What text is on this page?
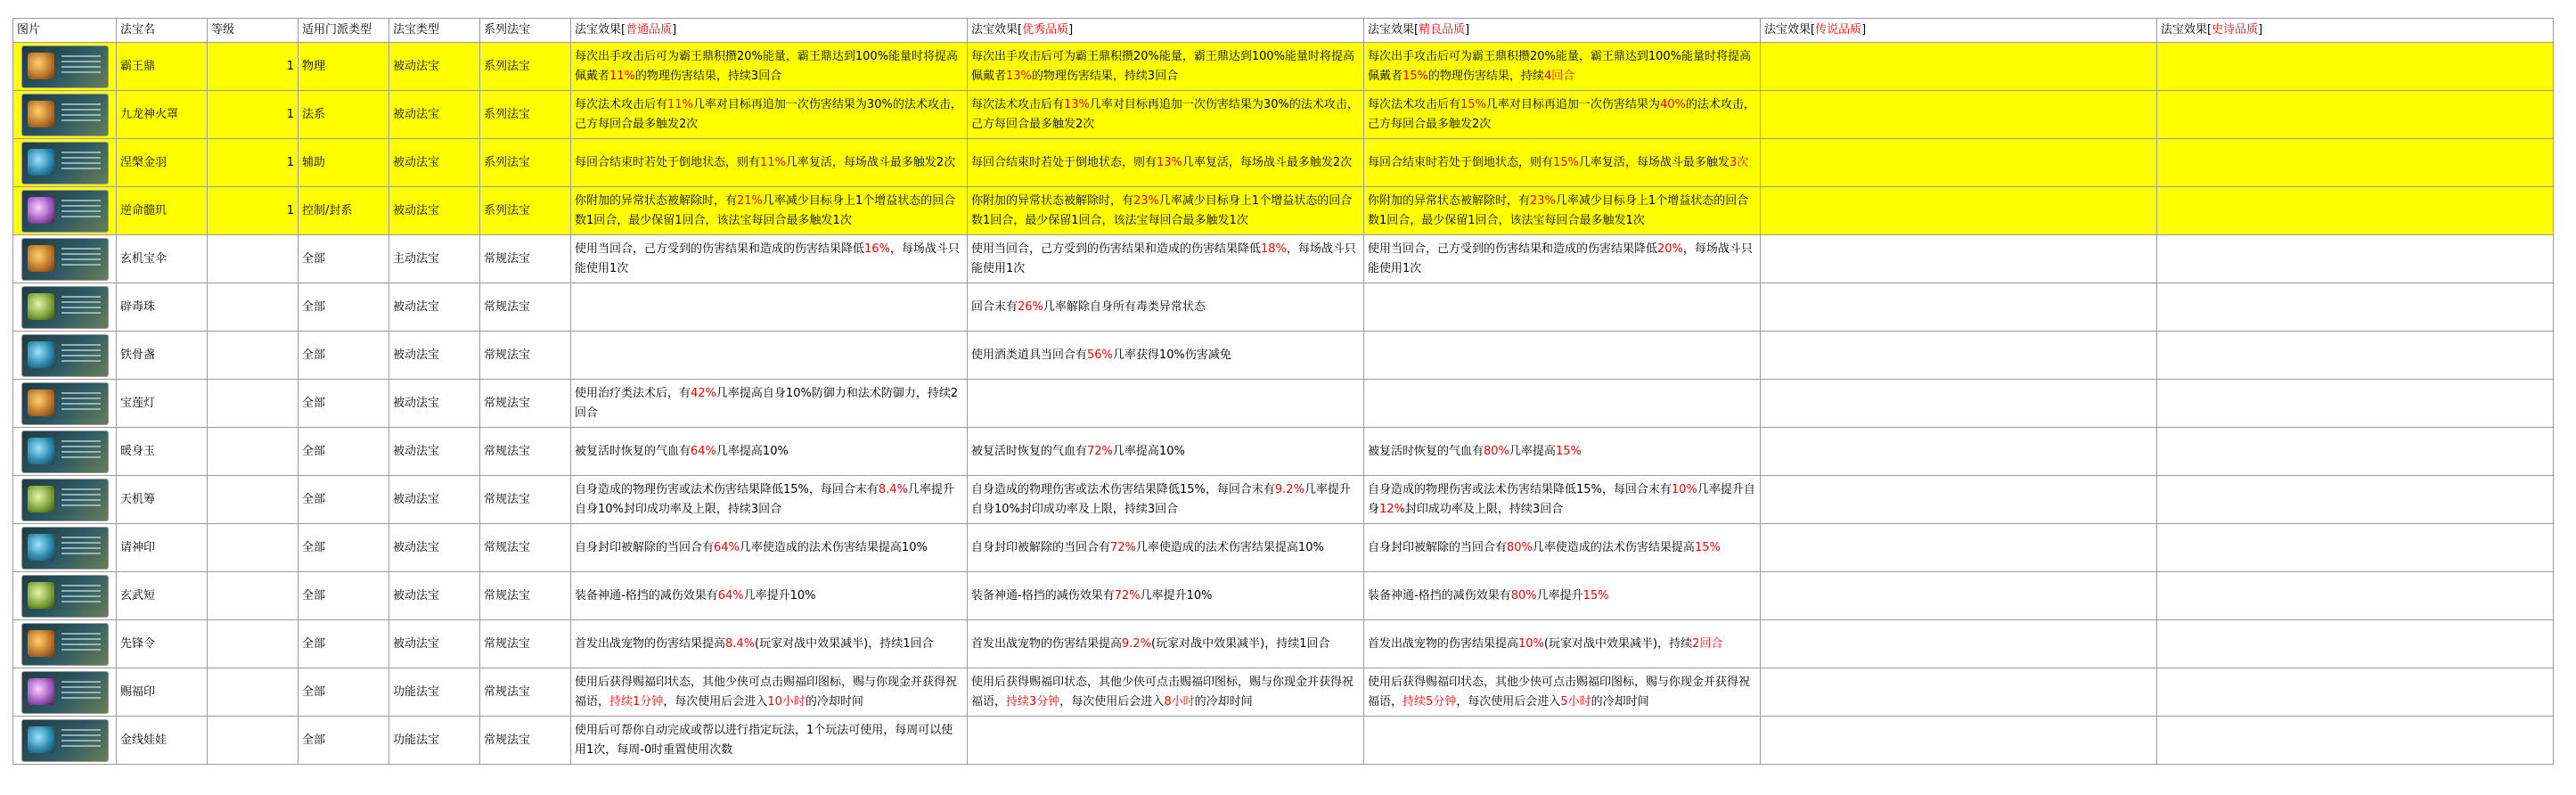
图片	法宝名	等级	适用门派类型	法宝类型	系列法宝	法宝效果[普通品质]	法宝效果[优秀品质]	法宝效果[精良品质]	法宝效果[传说品质]	法宝效果[史诗品质]

	霸王鼎	1	物理	被动法宝	系列法宝	每次出手攻击后可为霸王鼎积攒20%能量，霸王鼎达到100%能量时将提高佩戴者11%的物理伤害结果，持续3回合	每次出手攻击后可为霸王鼎积攒20%能量，霸王鼎达到100%能量时将提高佩戴者13%的物理伤害结果，持续3回合	每次出手攻击后可为霸王鼎积攒20%能量，霸王鼎达到100%能量时将提高佩戴者15%的物理伤害结果，持续4回合		

	九龙神火罩	1	法系	被动法宝	系列法宝	每次法术攻击后有11%几率对目标再追加一次伤害结果为30%的法术攻击，己方每回合最多触发2次	每次法术攻击后有13%几率对目标再追加一次伤害结果为30%的法术攻击，己方每回合最多触发2次	每次法术攻击后有15%几率对目标再追加一次伤害结果为40%的法术攻击，己方每回合最多触发2次		

	涅槃金羽	1	辅助	被动法宝	系列法宝	每回合结束时若处于倒地状态，则有11%几率复活，每场战斗最多触发2次	每回合结束时若处于倒地状态，则有13%几率复活，每场战斗最多触发2次	每回合结束时若处于倒地状态，则有15%几率复活，每场战斗最多触发3次		

	逆命髓玑	1	控制/封系	被动法宝	系列法宝	你附加的异常状态被解除时，有21%几率减少目标身上1个增益状态的回合数1回合，最少保留1回合，该法宝每回合最多触发1次	你附加的异常状态被解除时，有23%几率减少目标身上1个增益状态的回合数1回合，最少保留1回合，该法宝每回合最多触发1次	你附加的异常状态被解除时，有23%几率减少目标身上1个增益状态的回合数1回合，最少保留1回合，该法宝每回合最多触发1次		

	玄机宝伞		全部	主动法宝	常规法宝	使用当回合，己方受到的伤害结果和造成的伤害结果降低16%，每场战斗只能使用1次	使用当回合，己方受到的伤害结果和造成的伤害结果降低18%，每场战斗只能使用1次	使用当回合，己方受到的伤害结果和造成的伤害结果降低20%，每场战斗只能使用1次		

	辟毒珠		全部	被动法宝	常规法宝		回合末有26%几率解除自身所有毒类异常状态			

	铁骨盏		全部	被动法宝	常规法宝		使用酒类道具当回合有56%几率获得10%伤害减免			

	宝莲灯		全部	被动法宝	常规法宝	使用治疗类法术后，有42%几率提高自身10%防御力和法术防御力，持续2回合				

	暖身玉		全部	被动法宝	常规法宝	被复活时恢复的气血有64%几率提高10%	被复活时恢复的气血有72%几率提高10%	被复活时恢复的气血有80%几率提高15%		

	天机筹		全部	被动法宝	常规法宝	自身造成的物理伤害或法术伤害结果降低15%，每回合末有8.4%几率提升自身10%封印成功率及上限，持续3回合	自身造成的物理伤害或法术伤害结果降低15%，每回合末有9.2%几率提升自身10%封印成功率及上限，持续3回合	自身造成的物理伤害或法术伤害结果降低15%，每回合末有10%几率提升自身12%封印成功率及上限，持续3回合		

	请神印		全部	被动法宝	常规法宝	自身封印被解除的当回合有64%几率使造成的法术伤害结果提高10%	自身封印被解除的当回合有72%几率使造成的法术伤害结果提高10%	自身封印被解除的当回合有80%几率使造成的法术伤害结果提高15%		

	玄武短		全部	被动法宝	常规法宝	装备神通-格挡的减伤效果有64%几率提升10%	装备神通-格挡的减伤效果有72%几率提升10%	装备神通-格挡的减伤效果有80%几率提升15%		

	先锋令		全部	被动法宝	常规法宝	首发出战宠物的伤害结果提高8.4%(玩家对战中效果减半)，持续1回合	首发出战宠物的伤害结果提高9.2%(玩家对战中效果减半)，持续1回合	首发出战宠物的伤害结果提高10%(玩家对战中效果减半)，持续2回合		

	赐福印		全部	功能法宝	常规法宝	使用后获得赐福印状态，其他少侠可点击赐福印图标，赐与你现金并获得祝福语，持续1分钟，每次使用后会进入10小时的冷却时间	使用后获得赐福印状态，其他少侠可点击赐福印图标，赐与你现金并获得祝福语，持续3分钟，每次使用后会进入8小时的冷却时间	使用后获得赐福印状态，其他少侠可点击赐福印图标，赐与你现金并获得祝福语，持续5分钟，每次使用后会进入5小时的冷却时间		

	金线娃娃		全部	功能法宝	常规法宝	使用后可帮你自动完成或帮以进行指定玩法，1个玩法可使用，每周可以使用1次，每周-0时重置使用次数				
